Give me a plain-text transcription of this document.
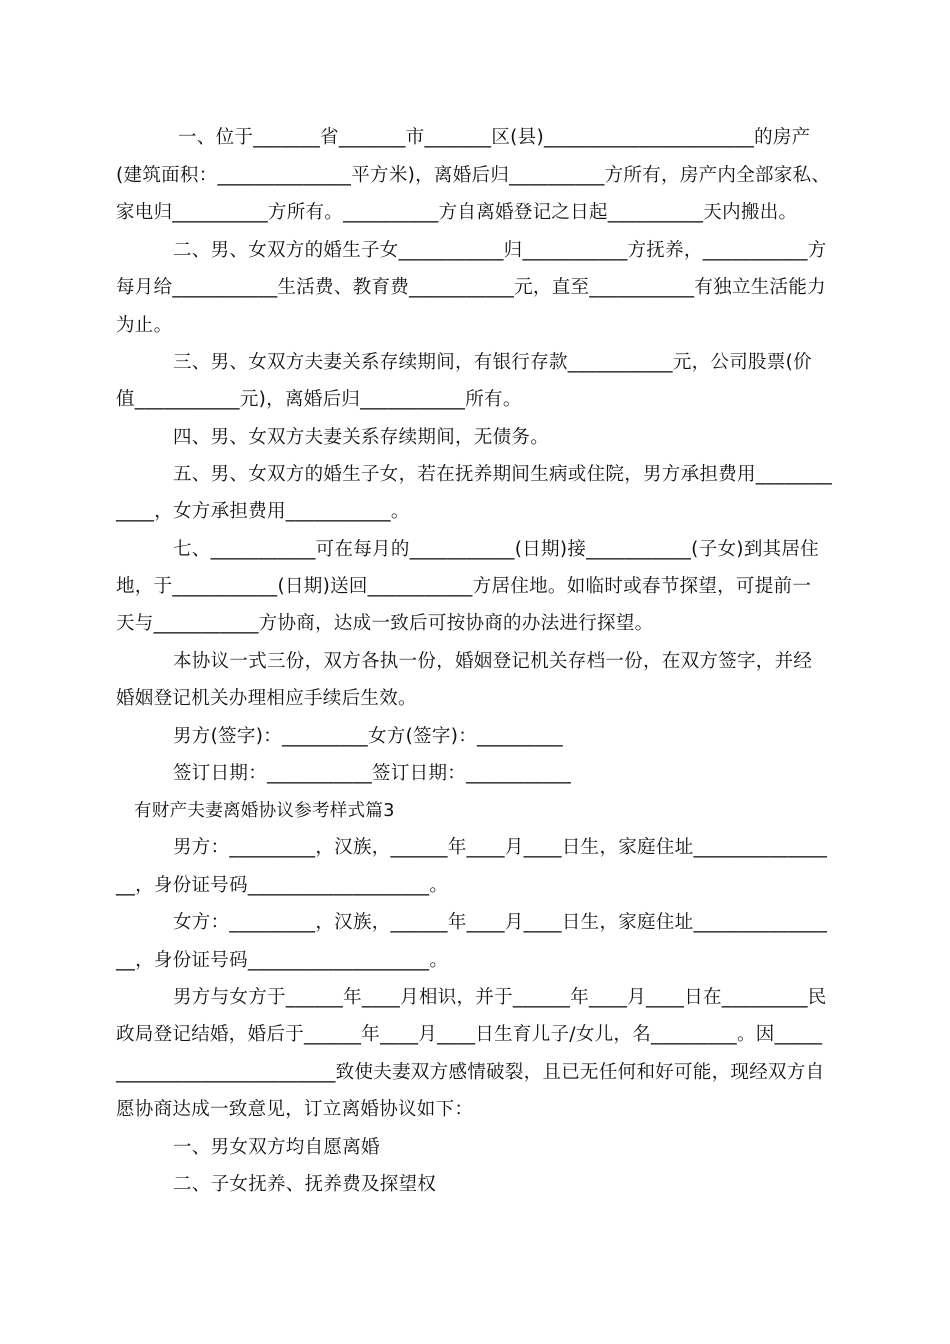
一、位于_______省_______市_______区(县)______________________的房产
(建筑面积：______________平方米)，离婚后归__________方所有，房产内全部家私、
家电归__________方所有。__________方自离婚登记之日起__________天内搬出。
二、男、女双方的婚生子女___________归___________方抚养，___________方
每月给___________生活费、教育费___________元，直至___________有独立生活能力
为止。
三、男、女双方夫妻关系存续期间，有银行存款___________元，公司股票(价
值___________元)，离婚后归___________所有。
四、男、女双方夫妻关系存续期间，无债务。
五、男、女双方的婚生子女，若在抚养期间生病或住院，男方承担费用________
____，女方承担费用___________。
七、___________可在每月的___________(日期)接___________(子女)到其居住
地，于___________(日期)送回___________方居住地。如临时或春节探望，可提前一
天与___________方协商，达成一致后可按协商的办法进行探望。
本协议一式三份，双方各执一份，婚姻登记机关存档一份，在双方签字，并经
婚姻登记机关办理相应手续后生效。
男方(签字)：_________女方(签字)：_________
签订日期：___________签订日期：___________
有财产夫妻离婚协议参考样式篇3
男方：_________，汉族，______年____月____日生，家庭住址______________
__，身份证号码___________________。
女方：_________，汉族，______年____月____日生，家庭住址______________
__，身份证号码___________________。
男方与女方于______年____月相识，并于______年____月____日在_________民
政局登记结婚，婚后于______年____月____日生育儿子/女儿，名_________。因_____
_______________________致使夫妻双方感情破裂，且已无任何和好可能，现经双方自
愿协商达成一致意见，订立离婚协议如下：
一、男女双方均自愿离婚
二、子女抚养、抚养费及探望权
